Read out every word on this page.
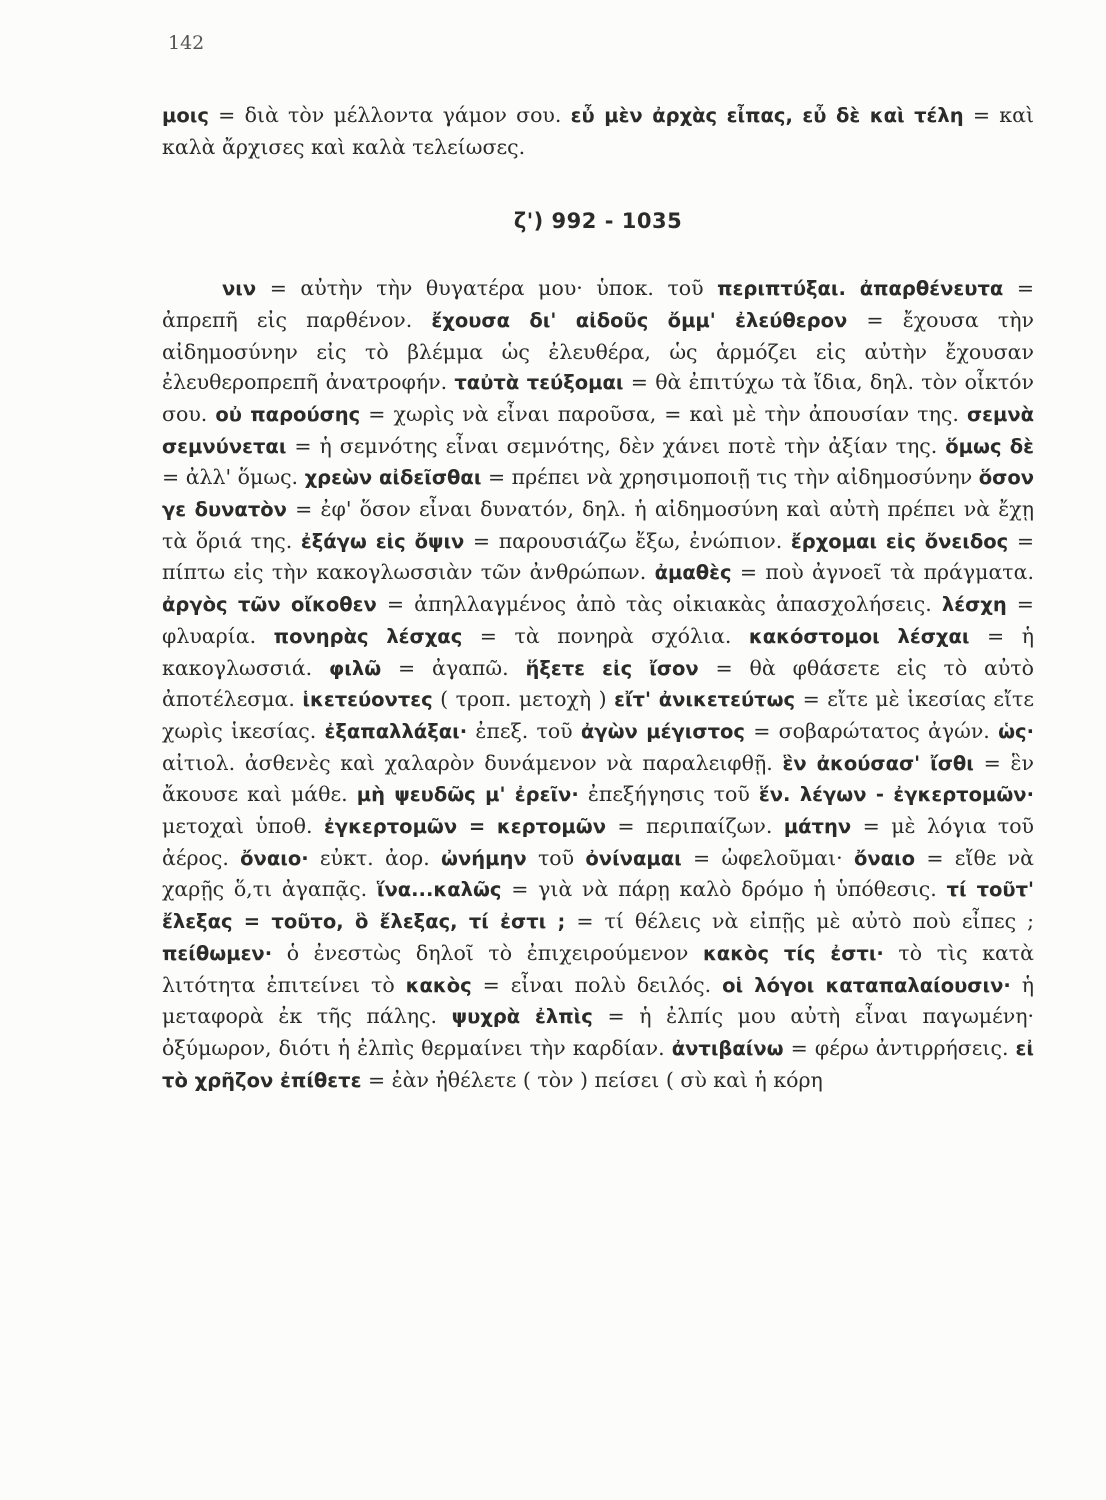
142

μοις = διὰ τὸν μέλλοντα γάμον σου. εὖ μὲν ἀρχὰς εἶπας, εὖ δὲ καὶ τέλη = καὶ καλὰ ἄρχισες καὶ καλὰ τελείωσες.

ζ') 992 - 1035

νιν = αὐτὴν τὴν θυγατέρα μου· ὑποκ. τοῦ περιπτύξαι. ἀπαρθένευτα = ἀπρεπῆ εἰς παρθένον. ἔχουσα δι' αἰδοῦς ὄμμ' ἐλεύθερον = ἔχουσα τὴν αἰδημοσύνην εἰς τὸ βλέμμα ὡς ἐλευθέρα, ὡς ἁρμόζει εἰς αὐτὴν ἔχουσαν ἐλευθεροπρεπῆ ἀνατροφήν. ταὐτὰ τεύξομαι = θὰ ἐπιτύχω τὰ ἴδια, δηλ. τὸν οἶκτόν σου. οὐ παρούσης = χωρὶς νὰ εἶναι παροῦσα, = καὶ μὲ τὴν ἀπουσίαν της. σεμνὰ σεμνύνεται = ἡ σεμνότης εἶναι σεμνότης, δὲν χάνει ποτὲ τὴν ἀξίαν της. ὅμως δὲ = ἀλλ' ὅμως. χρεὼν αἰδεῖσθαι = πρέπει νὰ χρησιμοποιῇ τις τὴν αἰδημοσύνην ὅσον γε δυνατὸν = ἐφ' ὅσον εἶναι δυνατόν, δηλ. ἡ αἰδημοσύνη καὶ αὐτὴ πρέπει νὰ ἔχῃ τὰ ὅριά της. ἐξάγω εἰς ὄψιν = παρουσιάζω ἔξω, ἐνώπιον. ἔρχομαι εἰς ὄνειδος = πίπτω εἰς τὴν κακογλωσσιὰν τῶν ἀνθρώπων. ἀμαθὲς = ποὺ ἀγνοεῖ τὰ πράγματα. ἀργὸς τῶν οἴκοθεν = ἀπηλλαγμένος ἀπὸ τὰς οἰκιακὰς ἀπασχολήσεις. λέσχη = φλυαρία. πονηρὰς λέσχας = τὰ πονηρὰ σχόλια. κακόστομοι λέσχαι = ἡ κακογλωσσιά. φιλῶ = ἀγαπῶ. ἥξετε εἰς ἴσον = θὰ φθάσετε εἰς τὸ αὐτὸ ἀποτέλεσμα. ἱκετεύοντες ( τροπ. μετοχὴ ) εἴτ' ἀνικετεύτως = εἴτε μὲ ἱκεσίας εἴτε χωρὶς ἱκεσίας. ἐξαπαλλάξαι· ἐπεξ. τοῦ ἀγὼν μέγιστος = σοβαρώτατος ἀγών. ὡς· αἰτιολ. ἀσθενὲς καὶ χαλαρὸν δυνάμενον νὰ παραλειφθῇ. ἓν ἀκούσασ' ἴσθι = ἓν ἄκουσε καὶ μάθε. μὴ ψευδῶς μ' ἐρεῖν· ἐπεξήγησις τοῦ ἕν. λέγων - ἐγκερτομῶν· μετοχαὶ ὑποθ. ἐγκερτομῶν = κερτομῶν = περιπαίζων. μάτην = μὲ λόγια τοῦ ἀέρος. ὄναιο· εὐκτ. ἀορ. ὠνήμην τοῦ ὀνίναμαι = ὠφελοῦμαι· ὄναιο = εἴθε νὰ χαρῇς ὅ,τι ἀγαπᾷς. ἵνα...καλῶς = γιὰ νὰ πάρῃ καλὸ δρόμο ἡ ὑπόθεσις. τί τοῦτ' ἔλεξας = τοῦτο, ὃ ἔλεξας, τί ἐστι ; = τί θέλεις νὰ εἰπῇς μὲ αὐτὸ ποὺ εἶπες ; πείθωμεν· ὁ ἐνεστὼς δηλοῖ τὸ ἐπιχειρούμενον κακὸς τίς ἐστι· τὸ τὶς κατὰ λιτότητα ἐπιτείνει τὸ κακὸς = εἶναι πολὺ δειλός. οἱ λόγοι καταπαλαίουσιν· ἡ μεταφορὰ ἐκ τῆς πάλης. ψυχρὰ ἐλπὶς = ἡ ἐλπίς μου αὐτὴ εἶναι παγωμένη· ὀξύμωρον, διότι ἡ ἐλπὶς θερμαίνει τὴν καρδίαν. ἀντιβαίνω = φέρω ἀντιρρήσεις. εἰ τὸ χρῆζον ἐπίθετε = ἐὰν ἠθέλετε ( τὸν ) πείσει ( σὺ καὶ ἡ κόρη
